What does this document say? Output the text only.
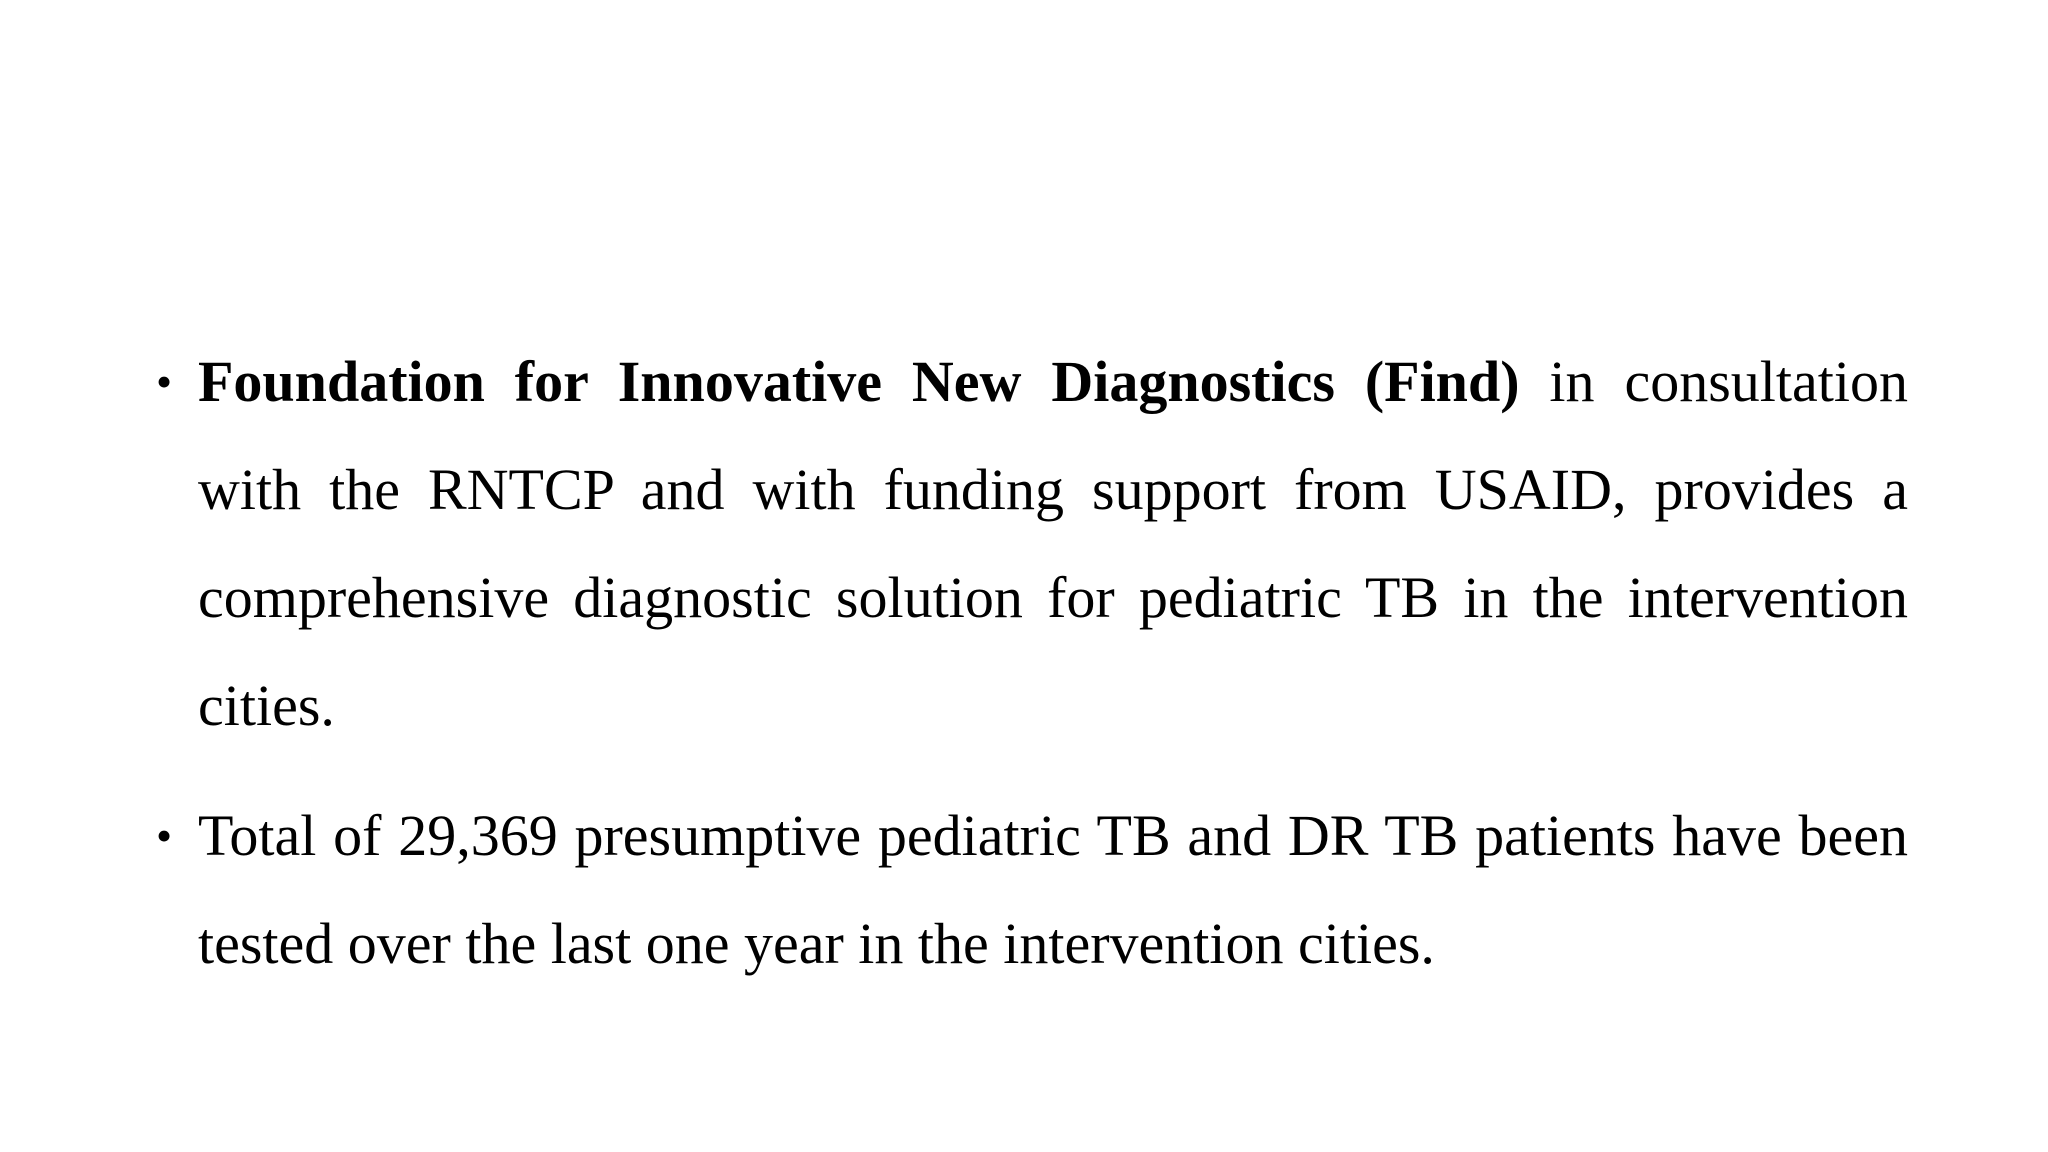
• Foundation for Innovative New Diagnostics (Find) in consultation with the RNTCP and with funding support from USAID, provides a comprehensive diagnostic solution for pediatric TB in the intervention cities.
• Total of 29,369 presumptive pediatric TB and DR TB patients have been tested over the last one year in the intervention cities.
